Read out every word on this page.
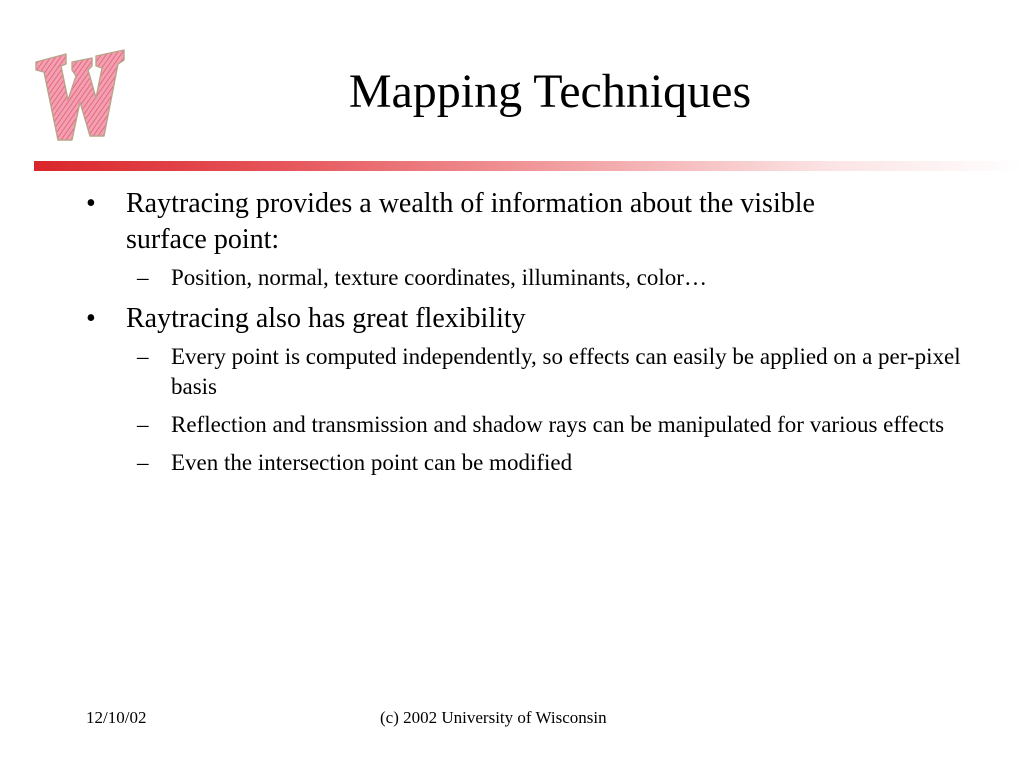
Mapping Techniques
• Raytracing provides a wealth of information about the visible surface point:
– Position, normal, texture coordinates, illuminants, color…
• Raytracing also has great flexibility
– Every point is computed independently, so effects can easily be applied on a per-pixel basis
– Reflection and transmission and shadow rays can be manipulated for various effects
– Even the intersection point can be modified
12/10/02	(c) 2002 University of Wisconsin
